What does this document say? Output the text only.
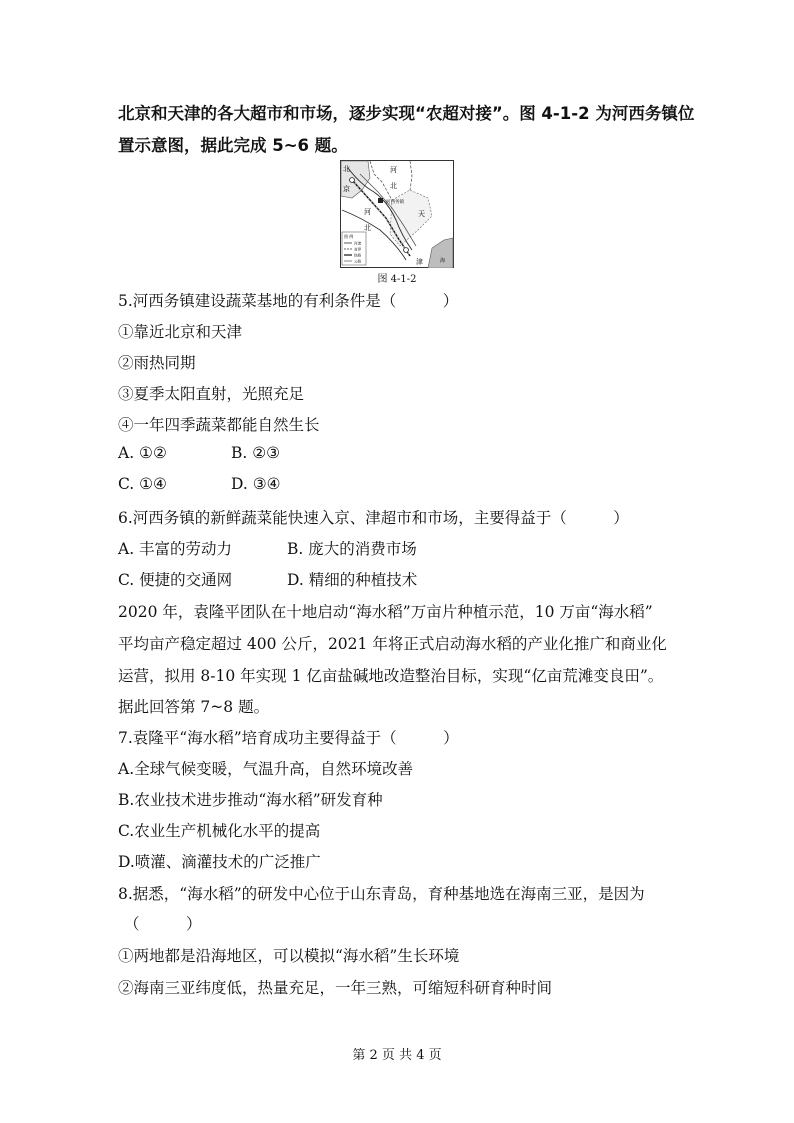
北京和天津的各大超市和市场，逐步实现“农超对接”。图 4-1-2 为河西务镇位
置示意图，据此完成 5~6 题。
北
京
河
北
河
北
天
津
河西务镇
海
图 例
河流
省界
铁路
公路
图 4-1-2
5.河西务镇建设蔬菜基地的有利条件是（　　　）
①靠近北京和天津
②雨热同期
③夏季太阳直射，光照充足
④一年四季蔬菜都能自然生长
A. ①②	B. ②③
C. ①④	D. ③④
6.河西务镇的新鲜蔬菜能快速入京、津超市和市场，主要得益于（　　　）
A. 丰富的劳动力	B. 庞大的消费市场
C. 便捷的交通网	D. 精细的种植技术
2020 年，袁隆平团队在十地启动“海水稻”万亩片种植示范，10 万亩“海水稻”
平均亩产稳定超过 400 公斤，2021 年将正式启动海水稻的产业化推广和商业化
运营，拟用 8-10 年实现 1 亿亩盐碱地改造整治目标，实现“亿亩荒滩变良田”。
据此回答第 7~8 题。
7.袁隆平“海水稻”培育成功主要得益于（　　　）
A.全球气候变暖，气温升高，自然环境改善
B.农业技术进步推动“海水稻”研发育种
C.农业生产机械化水平的提高
D.喷灌、滴灌技术的广泛推广
8.据悉，“海水稻”的研发中心位于山东青岛，育种基地选在海南三亚，是因为
（　　　）
①两地都是沿海地区，可以模拟“海水稻”生长环境
②海南三亚纬度低，热量充足，一年三熟，可缩短科研育种时间
第 2 页 共 4 页
